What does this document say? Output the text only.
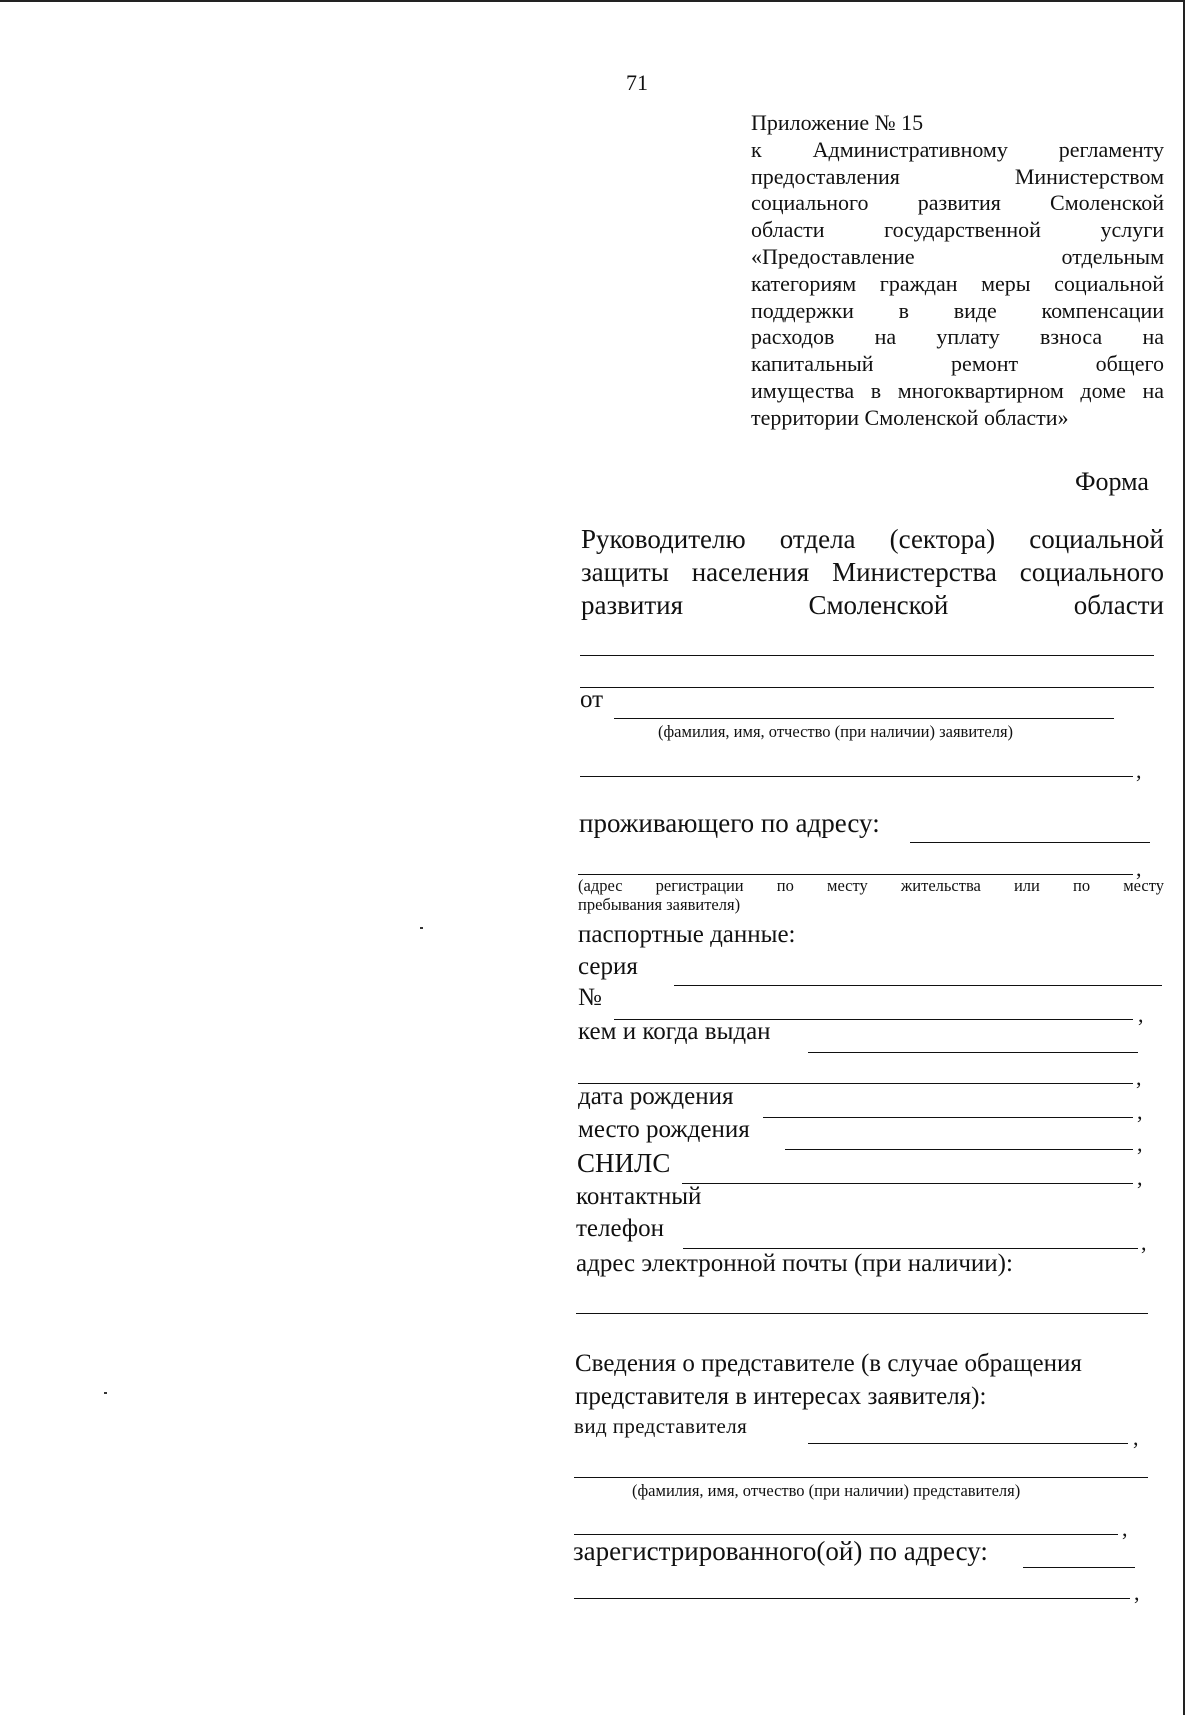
71
Приложение № 15
к Административному регламенту
предоставления Министерством
социального развития Смоленской
области государственной услуги
«Предоставление отдельным
категориям граждан меры социальной
поддержки в виде компенсации
расходов на уплату взноса на
капитальный ремонт общего
имущества в многоквартирном доме на
территории Смоленской области»
Форма
Руководителю отдела (сектора) социальной
защиты населения Министерства социального
развития Смоленской области
от
(фамилия, имя, отчество (при наличии) заявителя)
,
проживающего по адресу:
,
(адрес регистрации по месту жительства или по месту
пребывания заявителя)
паспортные данные:
серия
№
,
кем и когда выдан
,
дата рождения
,
место рождения
,
СНИЛС	,
контактный
телефон
,
адрес электронной почты (при наличии):
Сведения о представителе (в случае обращения
представителя в интересах заявителя):
вид представителя	,
(фамилия, имя, отчество (при наличии) представителя)
,
зарегистрированного(ой) по адресу:
,
